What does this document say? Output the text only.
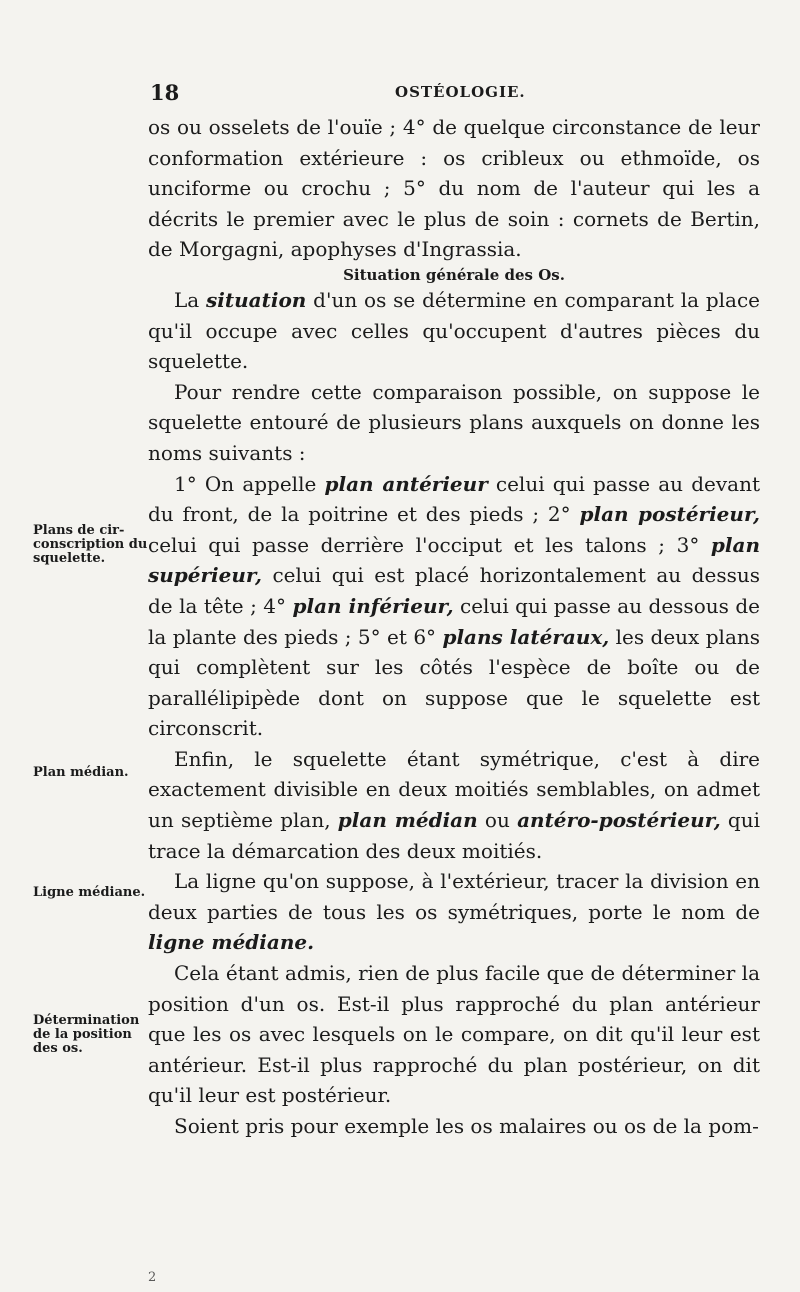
18	OSTÉOLOGIE.

os ou osselets de l'ouïe ; 4° de quelque circonstance de leur conformation extérieure : os cribleux ou ethmoïde, os unciforme ou crochu ; 5° du nom de l'auteur qui les a décrits le premier avec le plus de soin : cornets de Bertin, de Morgagni, apophyses d'Ingrassia.

Situation générale des Os.

La situation d'un os se détermine en comparant la place qu'il occupe avec celles qu'occupent d'autres pièces du squelette.

Pour rendre cette comparaison possible, on suppose le squelette entouré de plusieurs plans auxquels on donne les noms suivants :

1° On appelle plan antérieur celui qui passe au devant du front, de la poitrine et des pieds ; 2° plan postérieur, celui qui passe derrière l'occiput et les talons ; 3° plan supérieur, celui qui est placé horizontalement au dessus de la tête ; 4° plan inférieur, celui qui passe au dessous de la plante des pieds ; 5° et 6° plans latéraux, les deux plans qui complètent sur les côtés l'espèce de boîte ou de parallélipipède dont on suppose que le squelette est circonscrit.

Enfin, le squelette étant symétrique, c'est à dire exactement divisible en deux moitiés semblables, on admet un septième plan, plan médian ou antéro-postérieur, qui trace la démarcation des deux moitiés.

La ligne qu'on suppose, à l'extérieur, tracer la division en deux parties de tous les os symétriques, porte le nom de ligne médiane.

Cela étant admis, rien de plus facile que de déterminer la position d'un os. Est-il plus rapproché du plan antérieur que les os avec lesquels on le compare, on dit qu'il leur est antérieur. Est-il plus rapproché du plan postérieur, on dit qu'il leur est postérieur.

Soient pris pour exemple les os malaires ou os de la pom-

Plans de cir-
conscription du
squelette.
Plan médian.
Ligne médiane.
Détermination
de la position
des os.
2
